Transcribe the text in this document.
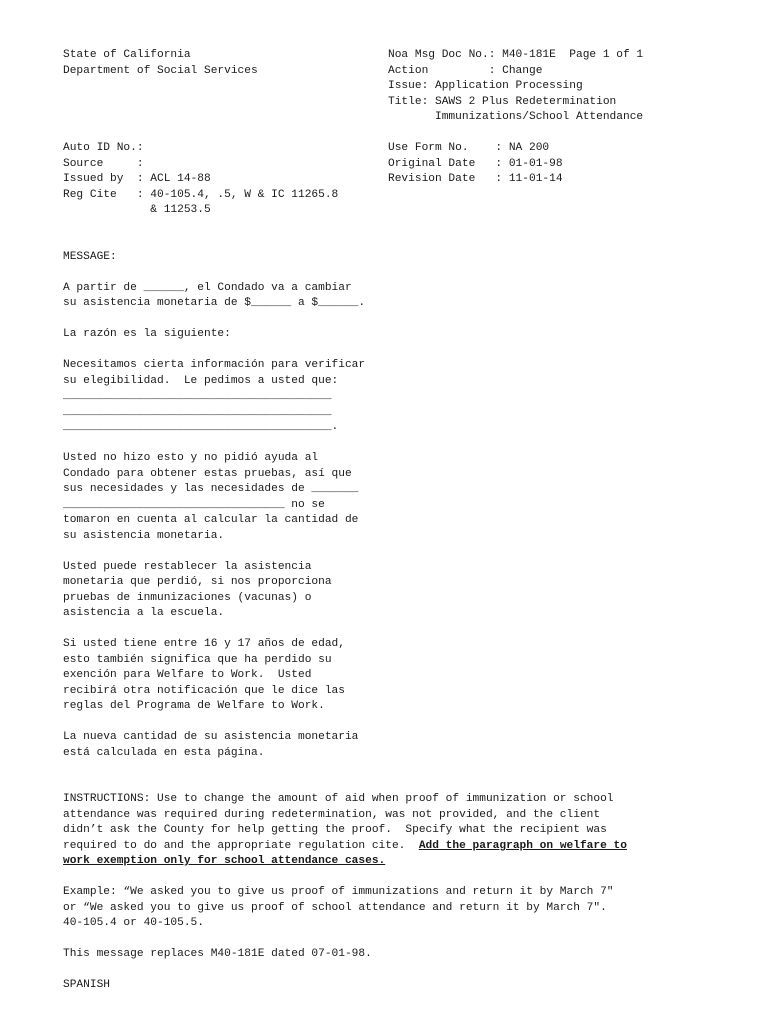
State of California
Department of Social Services
Noa Msg Doc No.: M40-181E  Page 1 of 1
Action         : Change
Issue: Application Processing
Title: SAWS 2 Plus Redetermination
Immunizations/School Attendance
Auto ID No.:
Source     :
Issued by  : ACL 14-88
Reg Cite   : 40-105.4, .5, W & IC 11265.8
& 11253.5
Use Form No.    : NA 200
Original Date   : 01-01-98
Revision Date   : 11-01-14
MESSAGE:
A partir de ______, el Condado va a cambiar
su asistencia monetaria de $______ a $______.
La razón es la siguiente:
Necesitamos cierta información para verificar
su elegibilidad.  Le pedimos a usted que:
________________________________________
________________________________________
________________________________________.
Usted no hizo esto y no pidió ayuda al
Condado para obtener estas pruebas, así que
sus necesidades y las necesidades de _______
_________________________________ no se
tomaron en cuenta al calcular la cantidad de
su asistencia monetaria.
Usted puede restablecer la asistencia
monetaria que perdió, si nos proporciona
pruebas de inmunizaciones (vacunas) o
asistencia a la escuela.
Si usted tiene entre 16 y 17 años de edad,
esto también significa que ha perdido su
exención para Welfare to Work.  Usted
recibirá otra notificación que le dice las
reglas del Programa de Welfare to Work.
La nueva cantidad de su asistencia monetaria
está calculada en esta página.
INSTRUCTIONS: Use to change the amount of aid when proof of immunization or school
attendance was required during redetermination, was not provided, and the client
didn’t ask the County for help getting the proof.  Specify what the recipient was
required to do and the appropriate regulation cite.  Add the paragraph on welfare to
work exemption only for school attendance cases.
Example: “We asked you to give us proof of immunizations and return it by March 7"
or “We asked you to give us proof of school attendance and return it by March 7".
40-105.4 or 40-105.5.
This message replaces M40-181E dated 07-01-98.
SPANISH
